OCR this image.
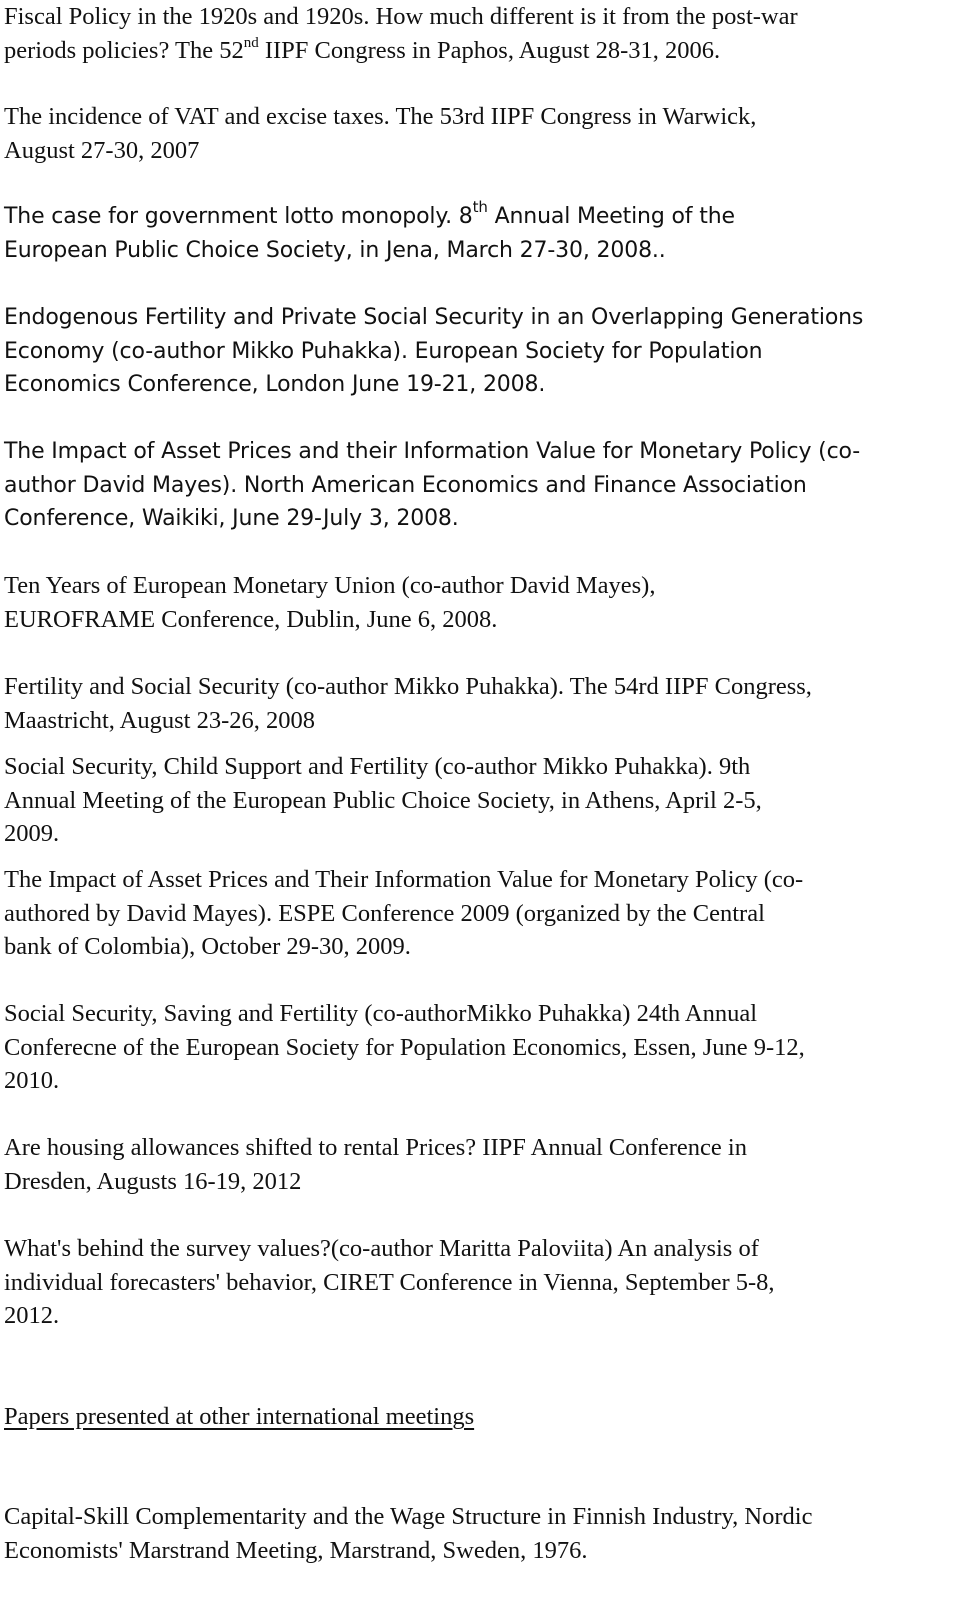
Fiscal Policy in the 1920s and 1920s. How much different is it from the post-war
periods policies? The 52nd IIPF Congress in Paphos, August 28-31, 2006.

The incidence of VAT and excise taxes. The 53rd IIPF Congress in Warwick,
August 27-30, 2007

The case for government lotto monopoly. 8th Annual Meeting of the
European Public Choice Society, in Jena, March 27-30, 2008..

Endogenous Fertility and Private Social Security in an Overlapping Generations
Economy (co-author Mikko Puhakka). European Society for Population
Economics Conference, London June 19-21, 2008.

The Impact of Asset Prices and their Information Value for Monetary Policy (co-
author David Mayes). North American Economics and Finance Association
Conference, Waikiki, June 29-July 3, 2008.

Ten Years of European Monetary Union (co-author David Mayes),
EUROFRAME Conference, Dublin, June 6, 2008.

Fertility and Social Security (co-author Mikko Puhakka). The 54rd IIPF Congress,
Maastricht, August 23-26, 2008

Social Security, Child Support and Fertility (co-author Mikko Puhakka). 9th
Annual Meeting of the European Public Choice Society, in Athens, April 2-5,
2009.

The Impact of Asset Prices and Their Information Value for Monetary Policy (co-
authored by David Mayes). ESPE Conference 2009 (organized by the Central
bank of Colombia), October 29-30, 2009.

Social Security, Saving and Fertility (co-authorMikko Puhakka) 24th Annual
Conferecne of the European Society for Population Economics, Essen, June 9-12,
2010.

Are housing allowances shifted to rental Prices? IIPF Annual Conference in
Dresden, Augusts 16-19, 2012

What's behind the survey values?(co-author Maritta Paloviita) An analysis of
individual forecasters' behavior, CIRET Conference in Vienna, September 5-8,
2012.

Papers presented at other international meetings

Capital-Skill Complementarity and the Wage Structure in Finnish Industry, Nordic
Economists' Marstrand Meeting, Marstrand, Sweden, 1976.
